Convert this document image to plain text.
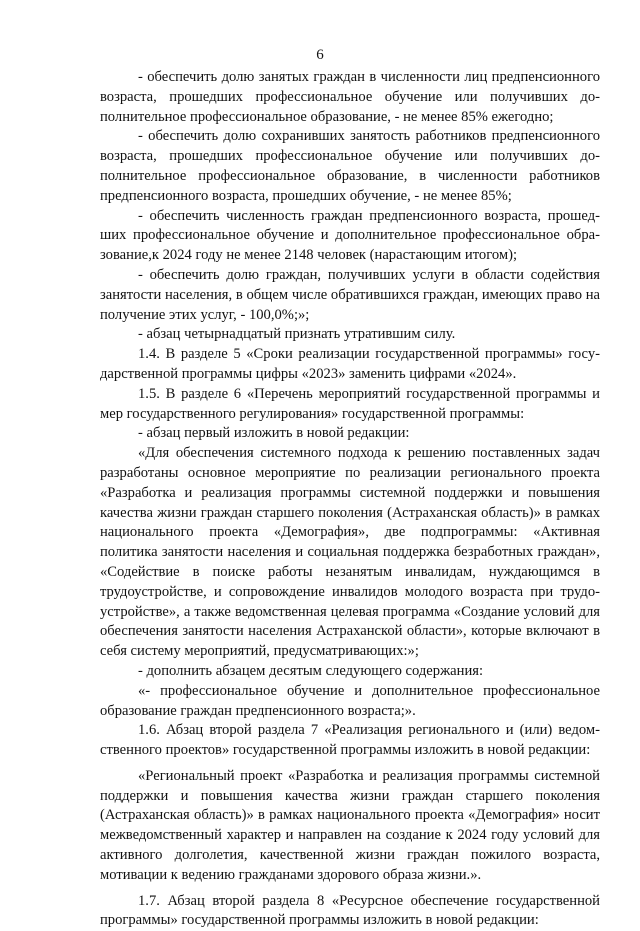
6

- обеспечить долю занятых граждан в численности лиц предпенсионного возраста, прошедших профессиональное обучение или получивших дополнительное профессиональное образование, - не менее 85% ежегодно;

- обеспечить долю сохранивших занятость работников предпенсионного возраста, прошедших профессиональное обучение или получивших дополнительное профессиональное образование, в численности работников предпенсионного возраста, прошедших обучение, - не менее 85%;

- обеспечить численность граждан предпенсионного возраста, прошедших профессиональное обучение и дополнительное профессиональное образование,к 2024 году не менее 2148 человек (нарастающим итогом);

- обеспечить долю граждан, получивших услуги в области содействия занятости населения, в общем числе обратившихся граждан, имеющих право на получение этих услуг, - 100,0%;»;

- абзац четырнадцатый признать утратившим силу.

1.4. В разделе 5 «Сроки реализации государственной программы» государственной программы цифры «2023» заменить цифрами «2024».

1.5. В разделе 6 «Перечень мероприятий государственной программы и мер государственного регулирования» государственной программы:

- абзац первый изложить в новой редакции:

«Для обеспечения системного подхода к решению поставленных задач разработаны основное мероприятие по реализации регионального проекта «Разработка и реализация программы системной поддержки и повышения качества жизни граждан старшего поколения (Астраханская область)» в рамках национального проекта «Демография», две подпрограммы: «Активная политика занятости населения и социальная поддержка безработных граждан», «Содействие в поиске работы незанятым инвалидам, нуждающимся в трудоустройстве, и сопровождение инвалидов молодого возраста при трудоустройстве», а также ведомственная целевая программа «Создание условий для обеспечения занятости населения Астраханской области», которые включают в себя систему мероприятий, предусматривающих:»;

- дополнить абзацем десятым следующего содержания:

«- профессиональное обучение и дополнительное профессиональное образование граждан предпенсионного возраста;».

1.6. Абзац второй раздела 7 «Реализация регионального и (или) ведомственного проектов» государственной программы изложить в новой редакции:

«Региональный проект «Разработка и реализация программы системной поддержки и повышения качества жизни граждан старшего поколения (Астраханская область)» в рамках национального проекта «Демография» носит межведомственный характер и направлен на создание к 2024 году условий для активного долголетия, качественной жизни граждан пожилого возраста, мотивации к ведению гражданами здорового образа жизни.».

1.7. Абзац второй раздела 8 «Ресурсное обеспечение государственной программы» государственной программы изложить в новой редакции:
